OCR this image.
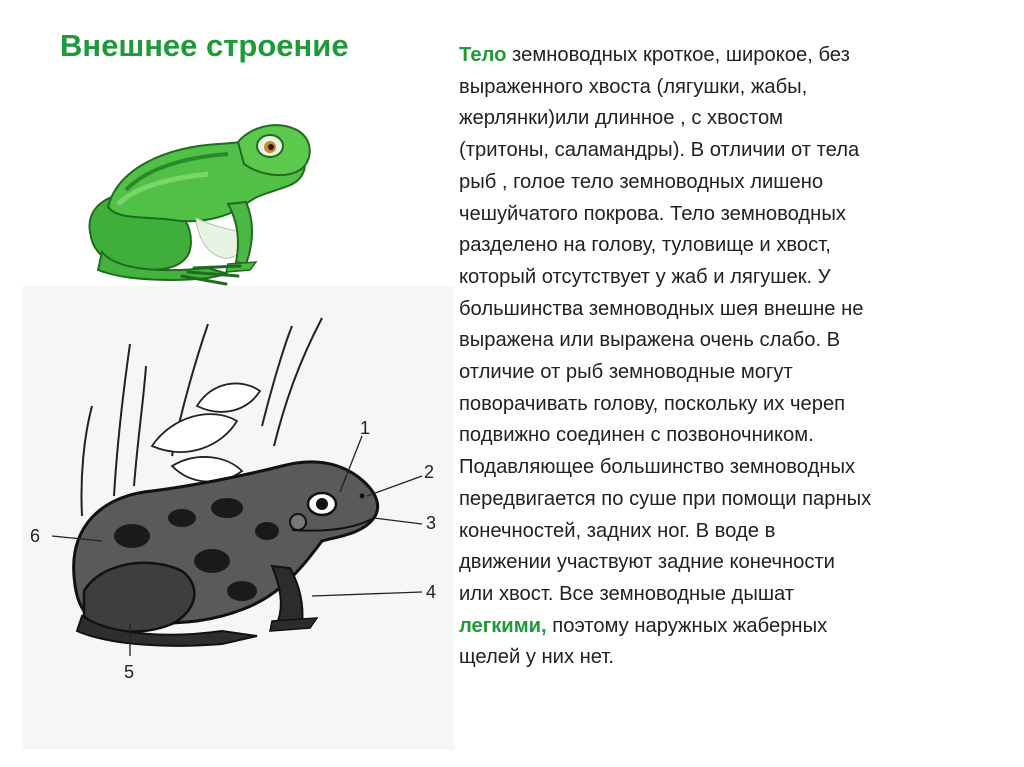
Внешнее строение
1
2
3
4
5
6
Тело земноводных кроткое, широкое, без
выраженного хвоста (лягушки, жабы,
жерлянки)или длинное , с хвостом
(тритоны, саламандры). В отличии от тела
рыб , голое тело земноводных лишено
чешуйчатого покрова. Тело земноводных
разделено на голову, туловище и хвост,
который отсутствует у жаб и лягушек. У
большинства земноводных шея внешне не
выражена или выражена очень слабо. В
отличие от рыб земноводные могут
поворачивать голову, поскольку их череп
подвижно соединен с позвоночником.
Подавляющее большинство земноводных
передвигается по суше при помощи парных
конечностей, задних ног. В воде в
движении участвуют задние конечности
или хвост. Все земноводные дышат
легкими, поэтому наружных жаберных
щелей у них нет.
